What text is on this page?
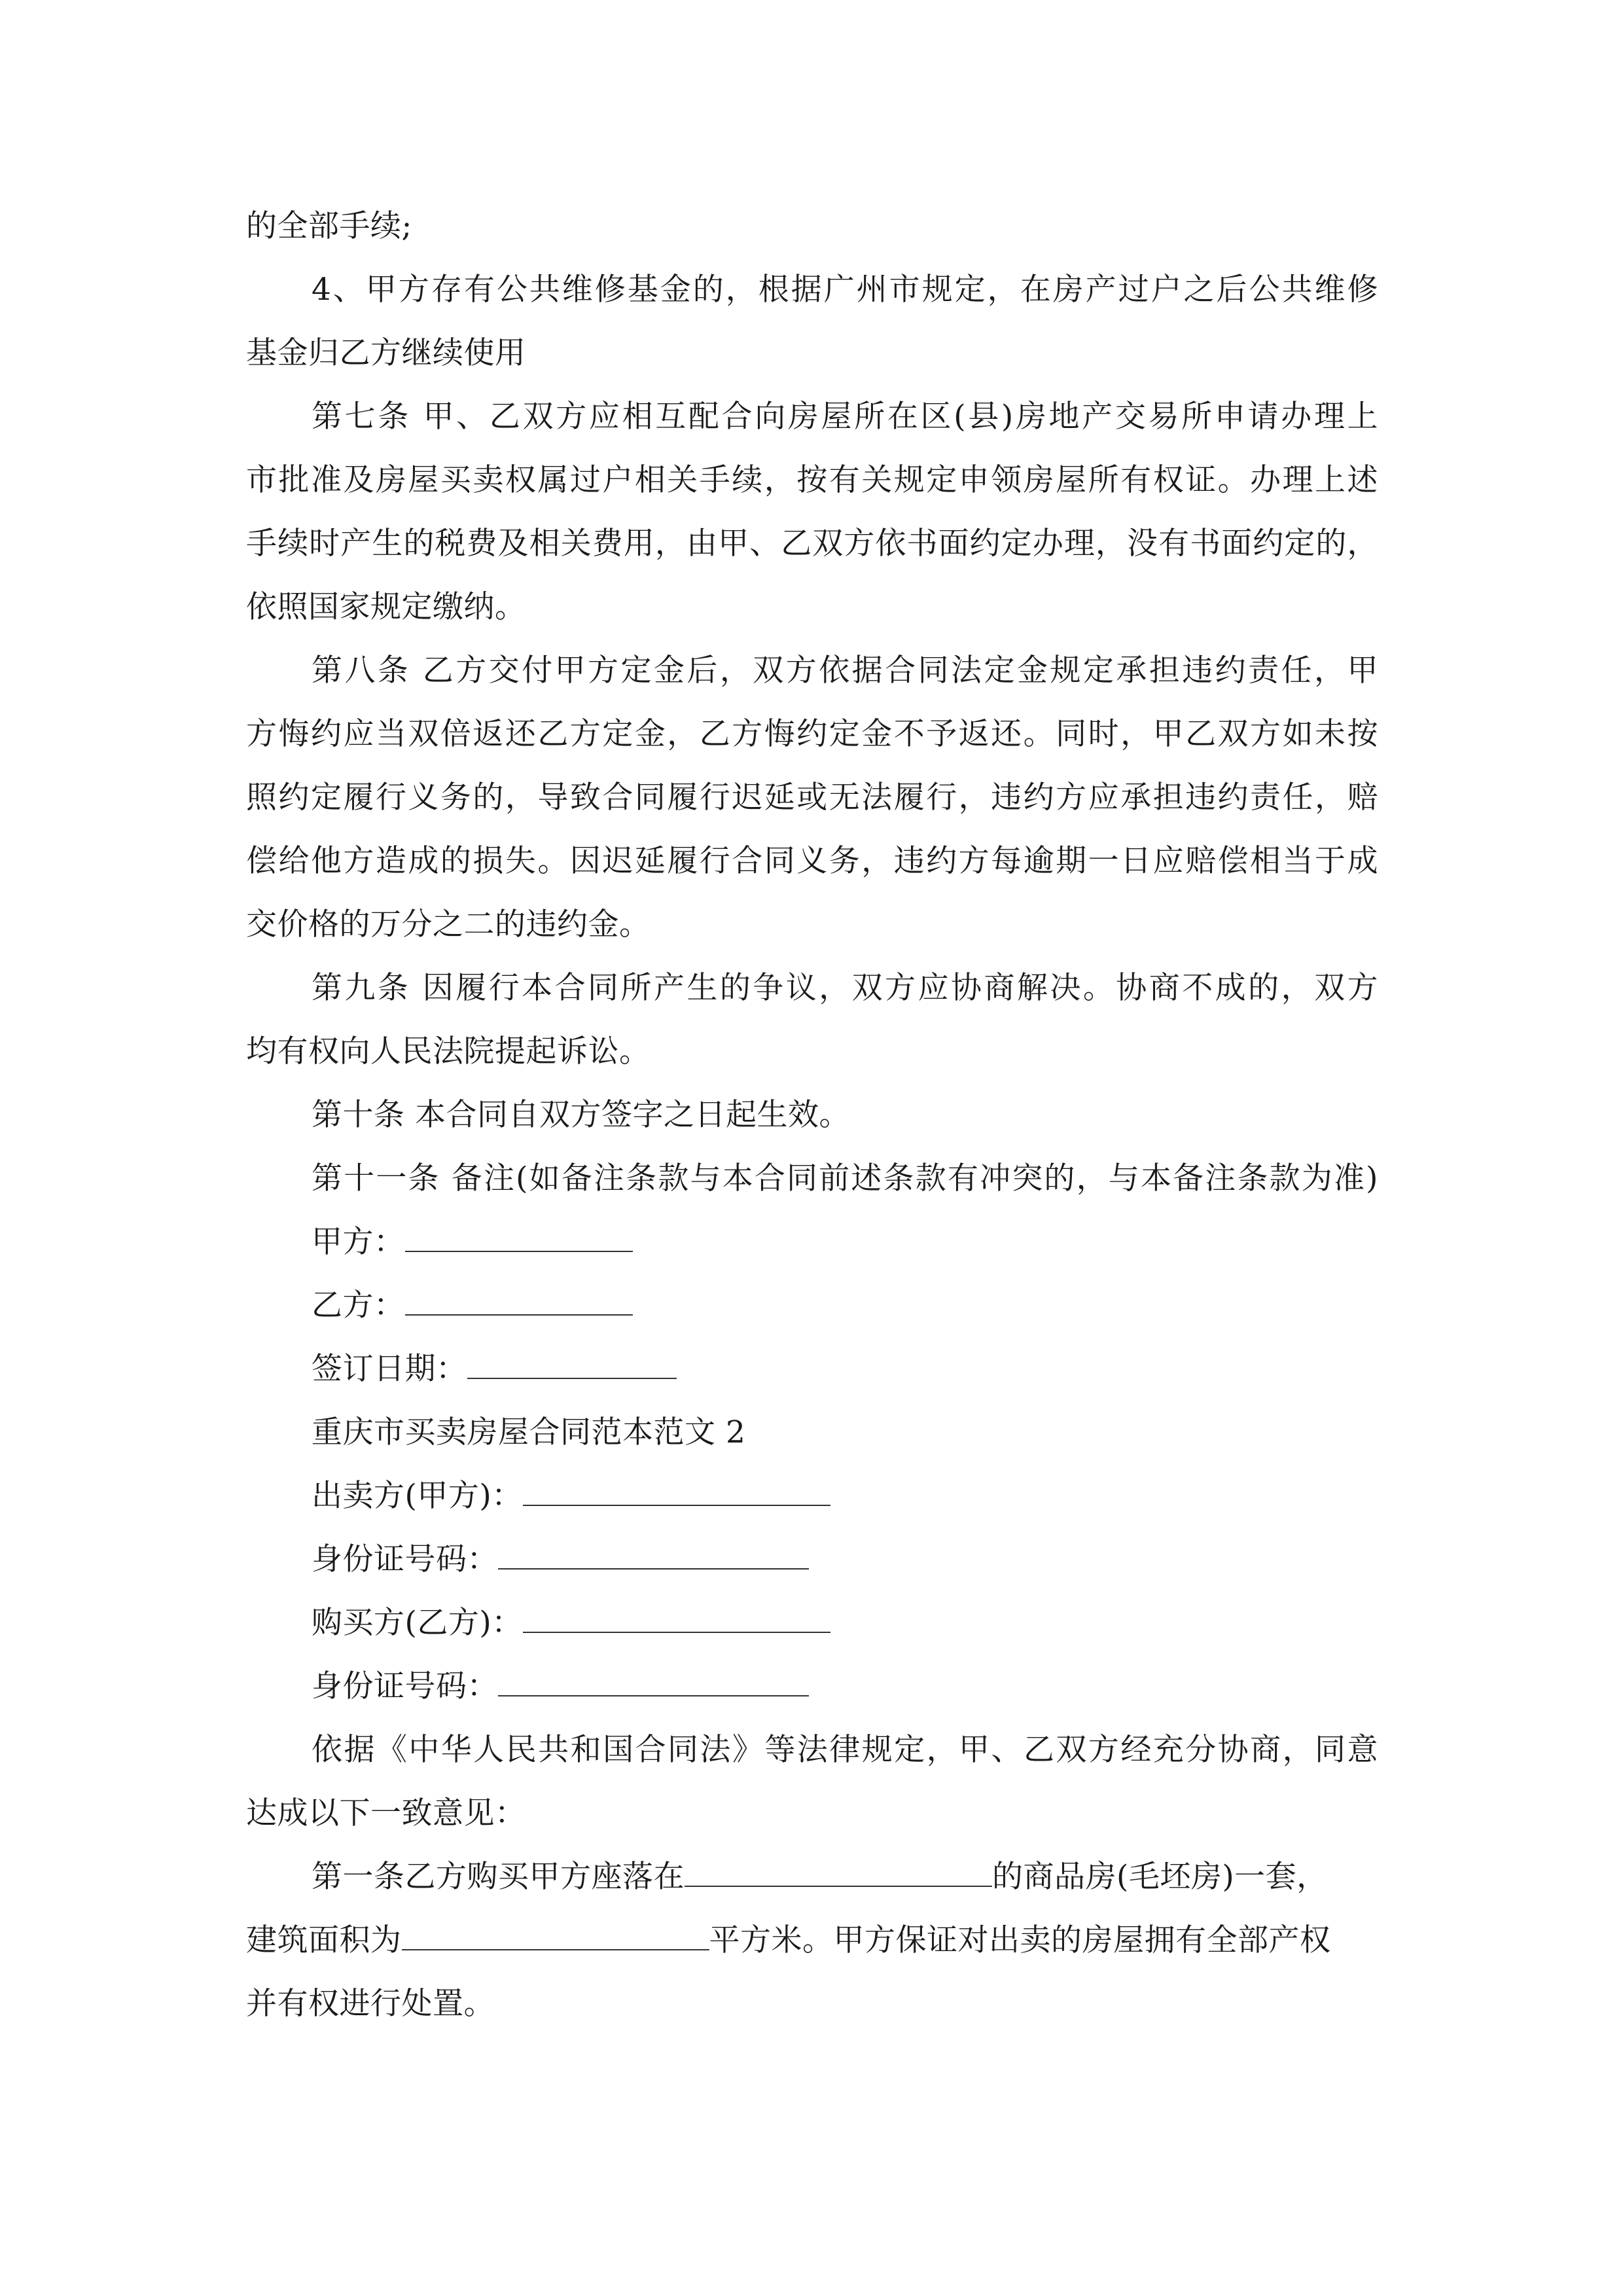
的全部手续;
4、甲方存有公共维修基金的，根据广州市规定，在房产过户之后公共维修
基金归乙方继续使用
第七条 甲、乙双方应相互配合向房屋所在区(县)房地产交易所申请办理上
市批准及房屋买卖权属过户相关手续，按有关规定申领房屋所有权证。办理上述
手续时产生的税费及相关费用，由甲、乙双方依书面约定办理，没有书面约定的，
依照国家规定缴纳。
第八条 乙方交付甲方定金后，双方依据合同法定金规定承担违约责任，甲
方悔约应当双倍返还乙方定金，乙方悔约定金不予返还。同时，甲乙双方如未按
照约定履行义务的，导致合同履行迟延或无法履行，违约方应承担违约责任，赔
偿给他方造成的损失。因迟延履行合同义务，违约方每逾期一日应赔偿相当于成
交价格的万分之二的违约金。
第九条 因履行本合同所产生的争议，双方应协商解决。协商不成的，双方
均有权向人民法院提起诉讼。
第十条 本合同自双方签字之日起生效。
第十一条 备注(如备注条款与本合同前述条款有冲突的，与本备注条款为准)
甲方：
乙方：
签订日期：
重庆市买卖房屋合同范本范文 2
出卖方(甲方)：
身份证号码：
购买方(乙方)：
身份证号码：
依据《中华人民共和国合同法》等法律规定，甲、乙双方经充分协商，同意
达成以下一致意见：
第一条乙方购买甲方座落在	的商品房(毛坯房)一套，
建筑面积为	平方米。甲方保证对出卖的房屋拥有全部产权
并有权进行处置。
